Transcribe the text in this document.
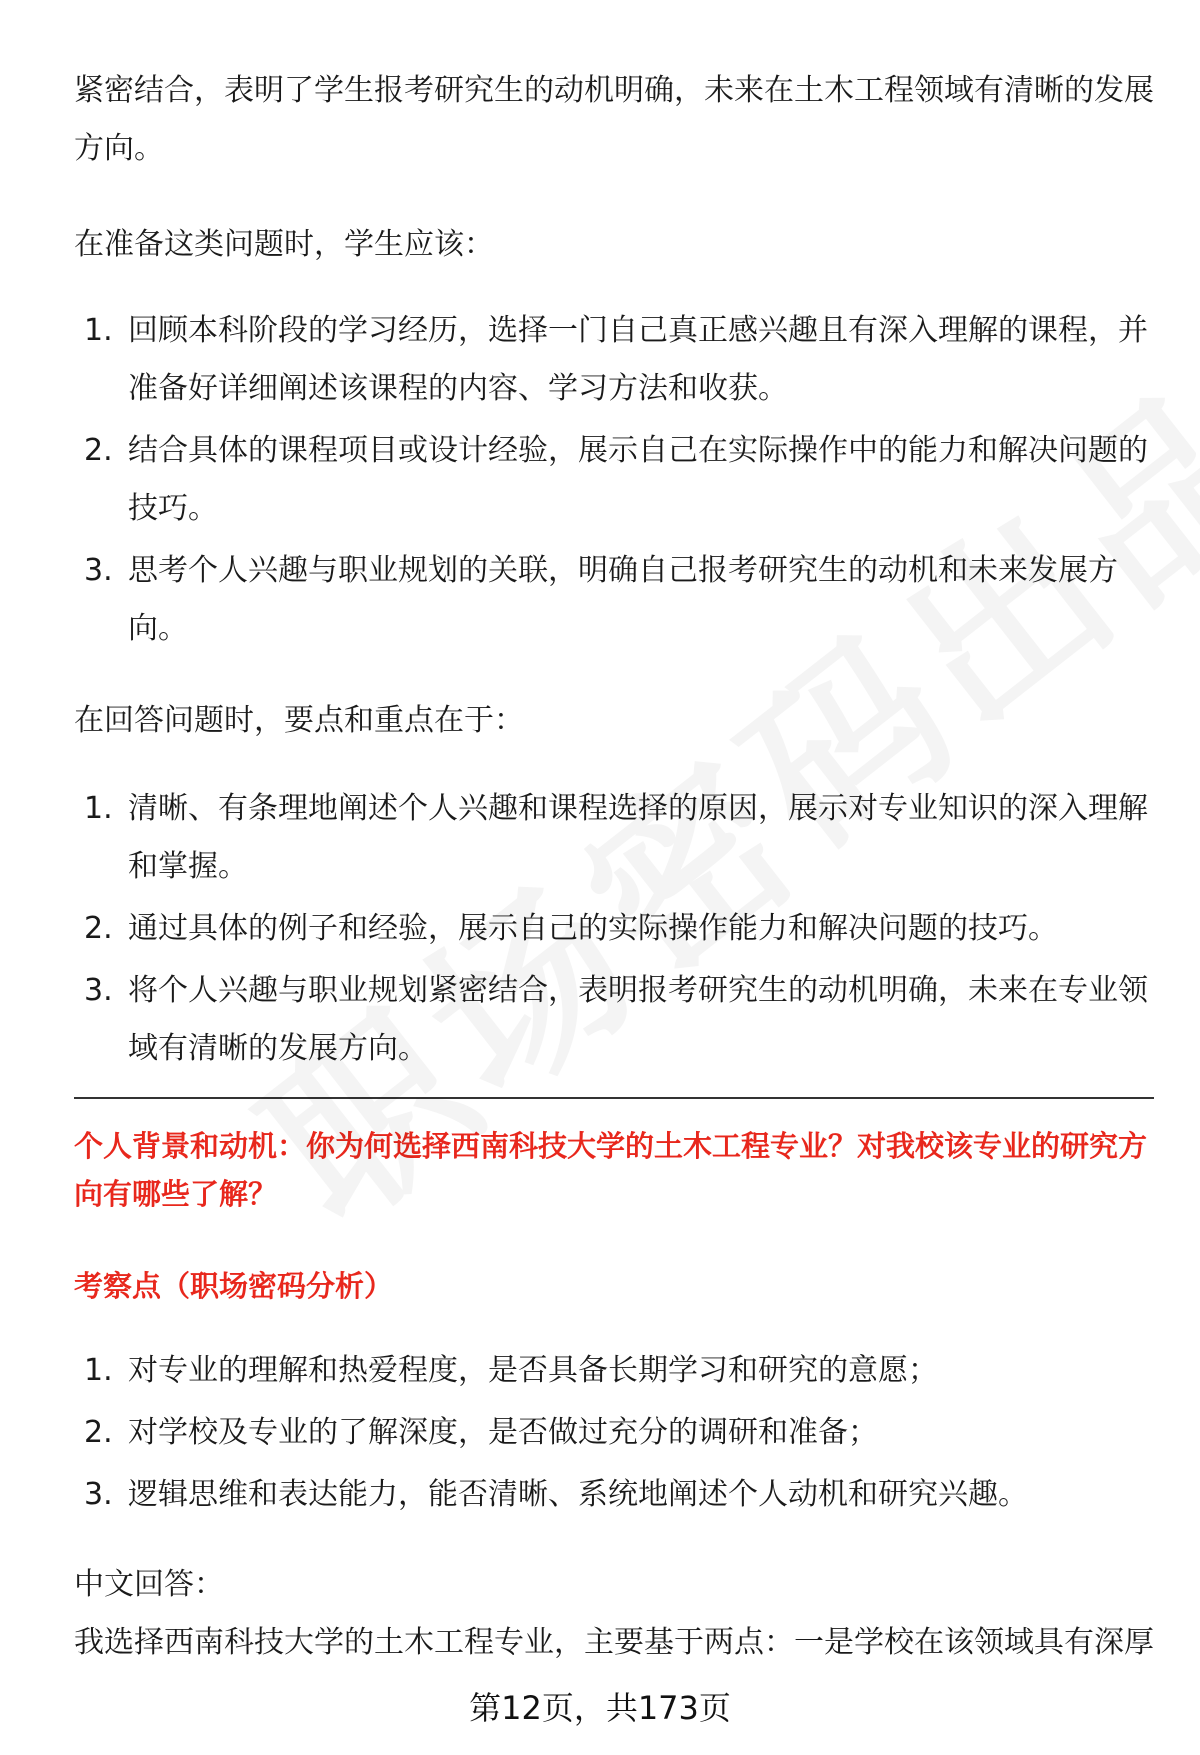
紧密结合，表明了学生报考研究生的动机明确，未来在土木工程领域有清晰的发展方向。

在准备这类问题时，学生应该：

1. 回顾本科阶段的学习经历，选择一门自己真正感兴趣且有深入理解的课程，并准备好详细阐述该课程的内容、学习方法和收获。
2. 结合具体的课程项目或设计经验，展示自己在实际操作中的能力和解决问题的技巧。
3. 思考个人兴趣与职业规划的关联，明确自己报考研究生的动机和未来发展方向。

在回答问题时，要点和重点在于：

1. 清晰、有条理地阐述个人兴趣和课程选择的原因，展示对专业知识的深入理解和掌握。
2. 通过具体的例子和经验，展示自己的实际操作能力和解决问题的技巧。
3. 将个人兴趣与职业规划紧密结合，表明报考研究生的动机明确，未来在专业领域有清晰的发展方向。

个人背景和动机：你为何选择西南科技大学的土木工程专业？对我校该专业的研究方向有哪些了解？

考察点（职场密码分析）

1. 对专业的理解和热爱程度，是否具备长期学习和研究的意愿；
2. 对学校及专业的了解深度，是否做过充分的调研和准备；
3. 逻辑思维和表达能力，能否清晰、系统地阐述个人动机和研究兴趣。

中文回答：

我选择西南科技大学的土木工程专业，主要基于两点：一是学校在该领域具有深厚

第12页，共173页
